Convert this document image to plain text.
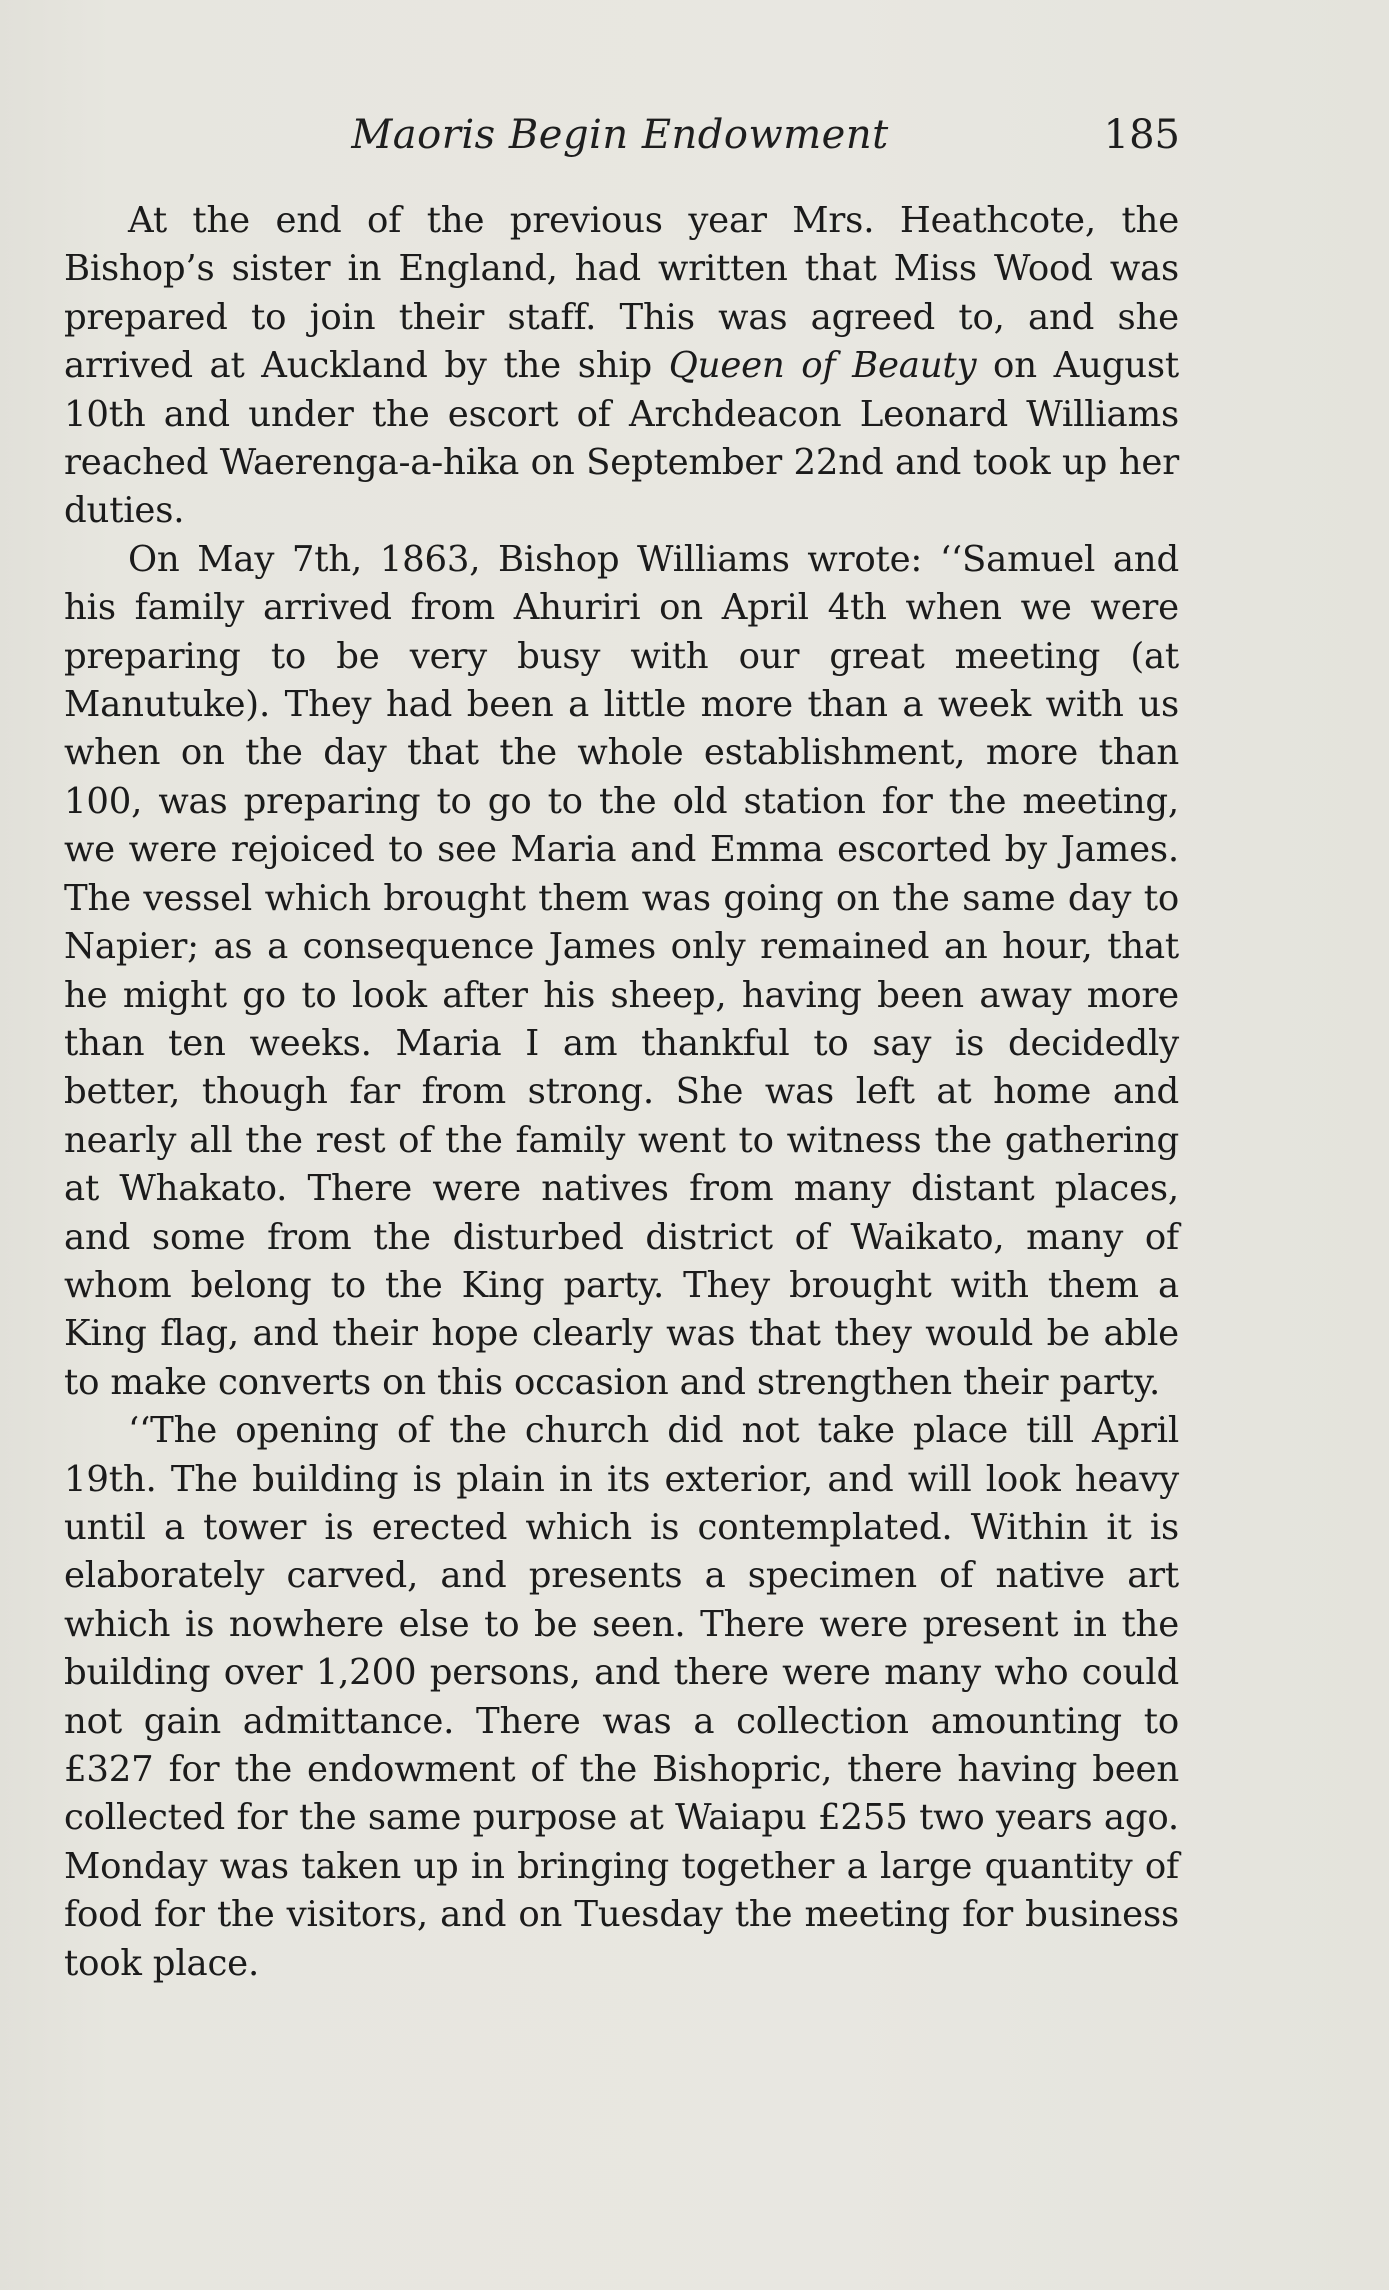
Maoris Begin Endowment	185

At the end of the previous year Mrs. Heathcote, the Bishop’s sister in England, had written that Miss Wood was prepared to join their staff. This was agreed to, and she arrived at Auckland by the ship Queen of Beauty on August 10th and under the escort of Archdeacon Leonard Williams reached Waerenga-a-hika on September 22nd and took up her duties.

On May 7th, 1863, Bishop Williams wrote: ‘‘Samuel and his family arrived from Ahuriri on April 4th when we were preparing to be very busy with our great meeting (at Manutuke). They had been a little more than a week with us when on the day that the whole establishment, more than 100, was preparing to go to the old station for the meeting, we were rejoiced to see Maria and Emma escorted by James. The vessel which brought them was going on the same day to Napier; as a consequence James only remained an hour, that he might go to look after his sheep, having been away more than ten weeks. Maria I am thankful to say is decidedly better, though far from strong. She was left at home and nearly all the rest of the family went to witness the gathering at Whakato. There were natives from many distant places, and some from the disturbed district of Waikato, many of whom belong to the King party. They brought with them a King flag, and their hope clearly was that they would be able to make converts on this occasion and strengthen their party.

‘‘The opening of the church did not take place till April 19th. The building is plain in its exterior, and will look heavy until a tower is erected which is contemplated. Within it is elaborately carved, and presents a specimen of native art which is nowhere else to be seen. There were present in the building over 1,200 persons, and there were many who could not gain admittance. There was a collection amounting to £327 for the endowment of the Bishopric, there having been collected for the same purpose at Waiapu £255 two years ago. Monday was taken up in bringing together a large quantity of food for the visitors, and on Tuesday the meeting for business took place.
